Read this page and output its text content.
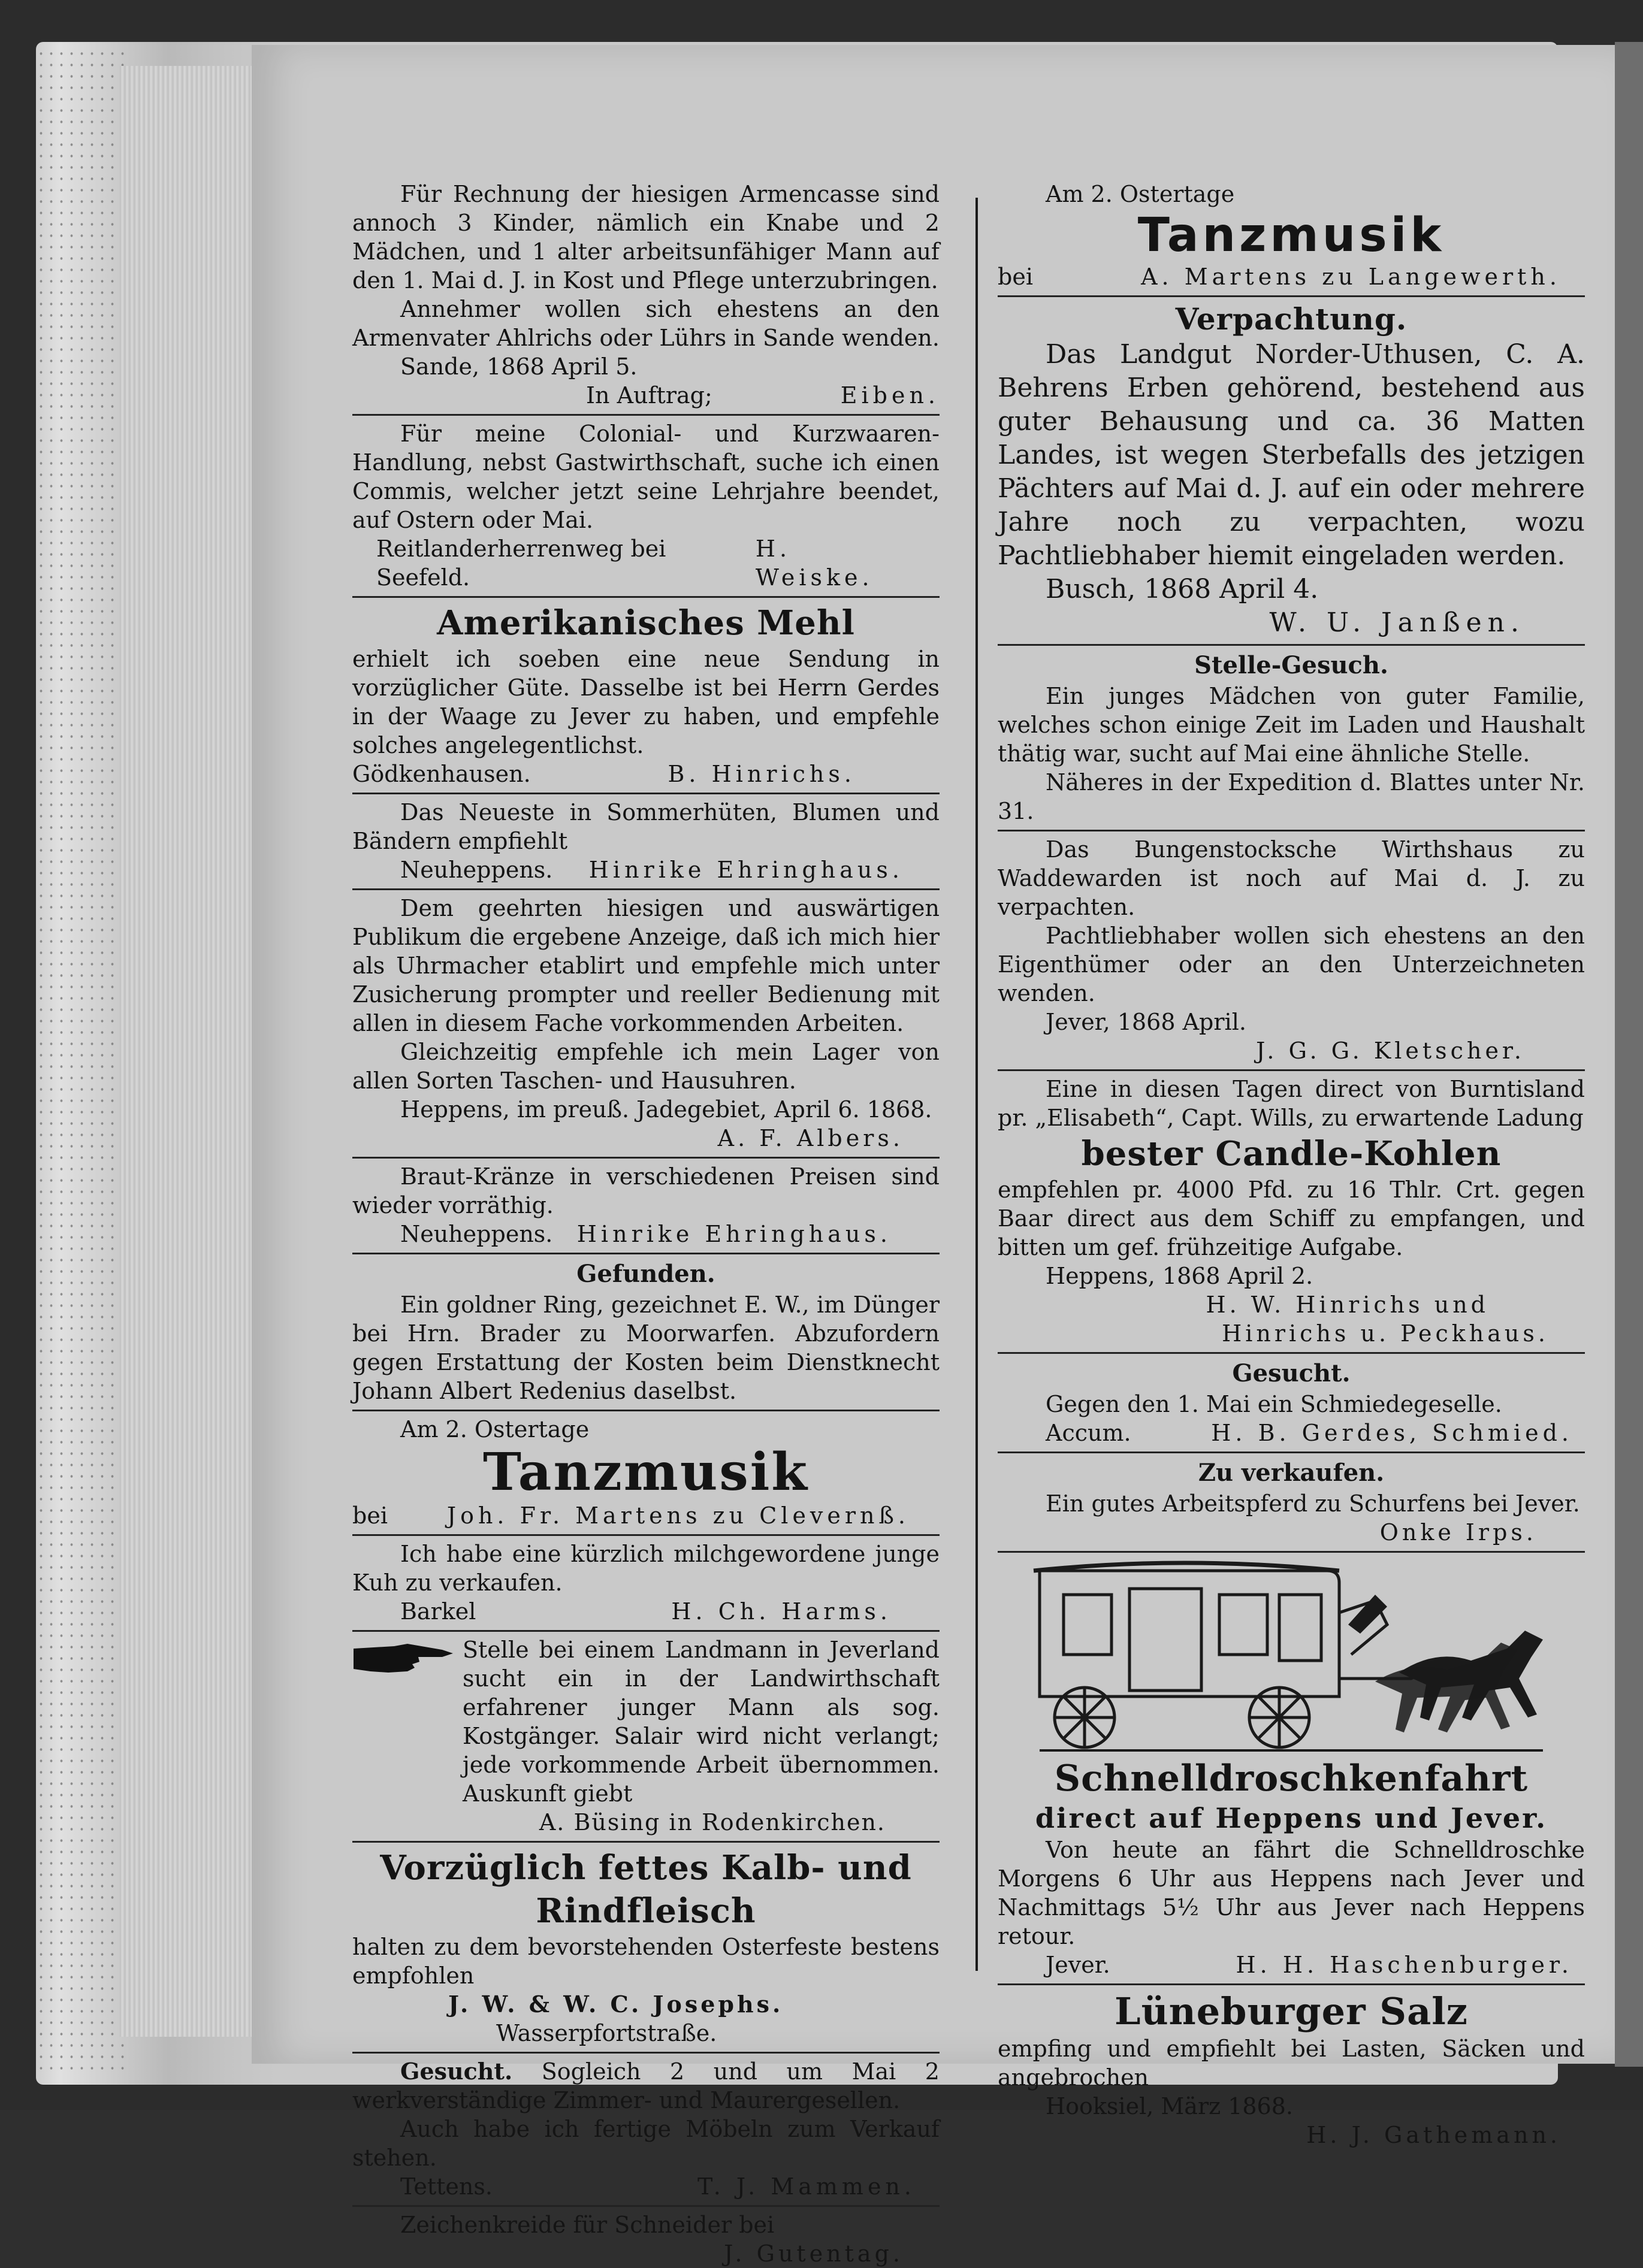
Für Rechnung der hiesigen Armencasse sind annoch 3 Kinder, nämlich ein Knabe und 2 Mädchen, und 1 alter arbeitsunfähiger Mann auf den 1. Mai d. J. in Kost und Pflege unterzubringen.

Annehmer wollen sich ehestens an den Armenvater Ahlrichs oder Lührs in Sande wenden.

Sande, 1868 April 5.

In Auftrag;	Eiben.

Für meine Colonial- und Kurzwaaren-Handlung, nebst Gastwirthschaft, suche ich einen Commis, welcher jetzt seine Lehrjahre beendet, auf Ostern oder Mai.

Reitlanderherrenweg bei Seefeld.
H. Weiske.
Amerikanisches Mehl

erhielt ich soeben eine neue Sendung in vorzüglicher Güte. Dasselbe ist bei Herrn Gerdes in der Waage zu Jever zu haben, und empfehle solches angelegentlichst.

Gödkenhausen.	B. Hinrichs.

Das Neueste in Sommerhüten, Blumen und Bändern empfiehlt

Neuheppens. Hinrike Ehringhaus.

Dem geehrten hiesigen und auswärtigen Publikum die ergebene Anzeige, daß ich mich hier als Uhrmacher etablirt und empfehle mich unter Zusicherung prompter und reeller Bedienung mit allen in diesem Fache vorkommenden Arbeiten.

Gleichzeitig empfehle ich mein Lager von allen Sorten Taschen- und Hausuhren.

Heppens, im preuß. Jadegebiet, April 6. 1868.

A. F. Albers.

Braut-Kränze in verschiedenen Preisen sind wieder vorräthig.

Neuheppens. Hinrike Ehringhaus.
Gefunden.

Ein goldner Ring, gezeichnet E. W., im Dünger bei Hrn. Brader zu Moorwarfen. Abzufordern gegen Erstattung der Kosten beim Dienstknecht Johann Albert Redenius daselbst.

Am 2. Ostertage

Tanzmusik
bei	Joh. Fr. Martens zu Clevernß.

Ich habe eine kürzlich milchgewordene junge Kuh zu verkaufen.

Barkel	H. Ch. Harms.

Stelle bei einem Landmann in Jeverland sucht ein in der Landwirthschaft erfahrener junger Mann als sog. Kostgänger. Salair wird nicht verlangt; jede vorkommende Arbeit übernommen. Auskunft giebt

A. Büsing in Rodenkirchen.
Vorzüglich fettes Kalb- und
Rindfleisch

halten zu dem bevorstehenden Osterfeste bestens empfohlen

J. W. & W. C. Josephs.
Wasserpfortstraße.

Gesucht. Sogleich 2 und um Mai 2 werkverständige Zimmer- und Maurergesellen.

Auch habe ich fertige Möbeln zum Verkauf stehen.

Tettens.	T. J. Mammen.

Zeichenkreide für Schneider bei

J. Gutentag.

Am 2. Ostertage

Tanzmusik
bei	A. Martens zu Langewerth.
Verpachtung.

Das Landgut Norder-Uthusen, C. A. Behrens Erben gehörend, bestehend aus guter Behausung und ca. 36 Matten Landes, ist wegen Sterbefalls des jetzigen Pächters auf Mai d. J. auf ein oder mehrere Jahre noch zu verpachten, wozu Pachtliebhaber hiemit eingeladen werden.

Busch, 1868 April 4.

W. U. Janßen.
Stelle-Gesuch.

Ein junges Mädchen von guter Familie, welches schon einige Zeit im Laden und Haushalt thätig war, sucht auf Mai eine ähnliche Stelle.

Näheres in der Expedition d. Blattes unter Nr. 31.

Das Bungenstocksche Wirthshaus zu Waddewarden ist noch auf Mai d. J. zu verpachten.

Pachtliebhaber wollen sich ehestens an den Eigenthümer oder an den Unterzeichneten wenden.

Jever, 1868 April.

J. G. G. Kletscher.

Eine in diesen Tagen direct von Burntisland pr. „Elisabeth“, Capt. Wills, zu erwartende Ladung

bester Candle-Kohlen

empfehlen pr. 4000 Pfd. zu 16 Thlr. Crt. gegen Baar direct aus dem Schiff zu empfangen, und bitten um gef. frühzeitige Aufgabe.

Heppens, 1868 April 2.

H. W. Hinrichs und
Hinrichs u. Peckhaus.
Gesucht.

Gegen den 1. Mai ein Schmiedegeselle.

Accum.	H. B. Gerdes, Schmied.
Zu verkaufen.

Ein gutes Arbeitspferd zu Schurfens bei Jever.

Onke Irps.
Schnelldroschkenfahrt
direct auf Heppens und Jever.

Von heute an fährt die Schnelldroschke Morgens 6 Uhr aus Heppens nach Jever und Nachmittags 5½ Uhr aus Jever nach Heppens retour.

Jever.	H. H. Haschenburger.
Lüneburger Salz

empfing und empfiehlt bei Lasten, Säcken und angebrochen

Hooksiel, März 1868.

H. J. Gathemann.
